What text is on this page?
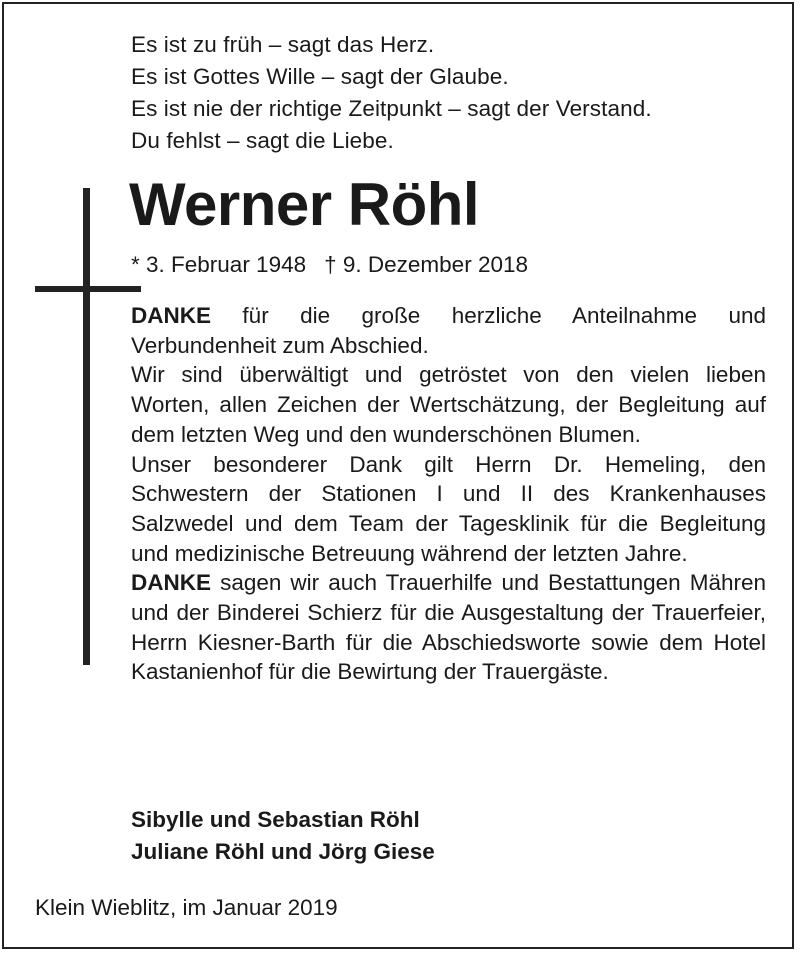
Es ist zu früh – sagt das Herz.
Es ist Gottes Wille – sagt der Glaube.
Es ist nie der richtige Zeitpunkt – sagt der Verstand.
Du fehlst – sagt die Liebe.
Werner Röhl
* 3. Februar 1948 † 9. Dezember 2018

DANKE für die große herzliche Anteilnahme und Verbundenheit zum Abschied.

Wir sind überwältigt und getröstet von den vielen lieben Worten, allen Zeichen der Wertschätzung, der Begleitung auf dem letzten Weg und den wunderschönen Blumen.

Unser besonderer Dank gilt Herrn Dr. Hemeling, den Schwestern der Stationen I und II des Krankenhauses Salzwedel und dem Team der Tagesklinik für die Begleitung und medizinische Betreuung während der letzten Jahre.

DANKE sagen wir auch Trauerhilfe und Bestattungen Mähren und der Binderei Schierz für die Ausgestaltung der Trauerfeier, Herrn Kiesner-Barth für die Abschiedsworte sowie dem Hotel Kastanienhof für die Bewirtung der Trauergäste.

Sibylle und Sebastian Röhl
Juliane Röhl und Jörg Giese
Klein Wieblitz, im Januar 2019
